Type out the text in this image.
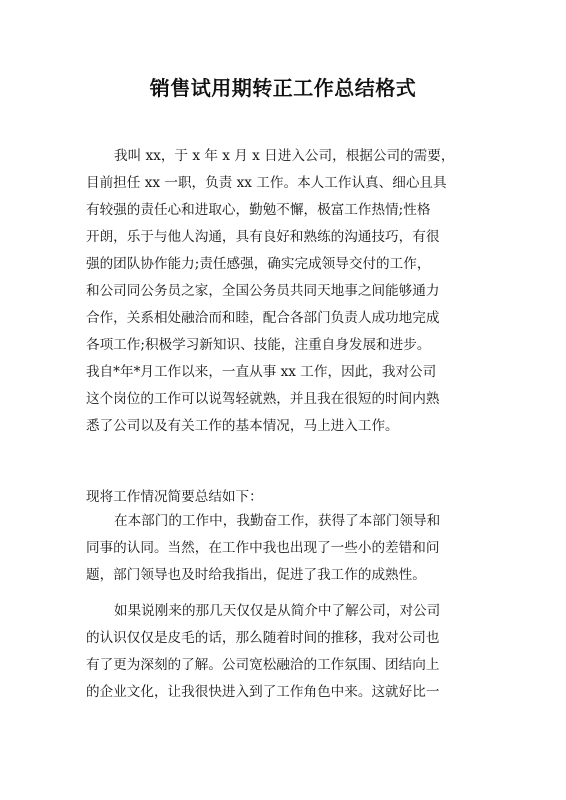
销售试用期转正工作总结格式
我叫 xx，于 x 年 x 月 x 日进入公司，根据公司的需要，
目前担任 xx 一职，负责 xx 工作。本人工作认真、细心且具
有较强的责任心和进取心，勤勉不懈，极富工作热情;性格
开朗，乐于与他人沟通，具有良好和熟练的沟通技巧，有很
强的团队协作能力;责任感强，确实完成领导交付的工作，
和公司同公务员之家，全国公务员共同天地事之间能够通力
合作，关系相处融洽而和睦，配合各部门负责人成功地完成
各项工作;积极学习新知识、技能，注重自身发展和进步。
我自*年*月工作以来，一直从事 xx 工作，因此，我对公司
这个岗位的工作可以说驾轻就熟，并且我在很短的时间内熟
悉了公司以及有关工作的基本情况，马上进入工作。
现将工作情况简要总结如下：
在本部门的工作中，我勤奋工作，获得了本部门领导和
同事的认同。当然，在工作中我也出现了一些小的差错和问
题，部门领导也及时给我指出，促进了我工作的成熟性。
如果说刚来的那几天仅仅是从简介中了解公司，对公司
的认识仅仅是皮毛的话，那么随着时间的推移，我对公司也
有了更为深刻的了解。公司宽松融洽的工作氛围、团结向上
的企业文化，让我很快进入到了工作角色中来。这就好比一
